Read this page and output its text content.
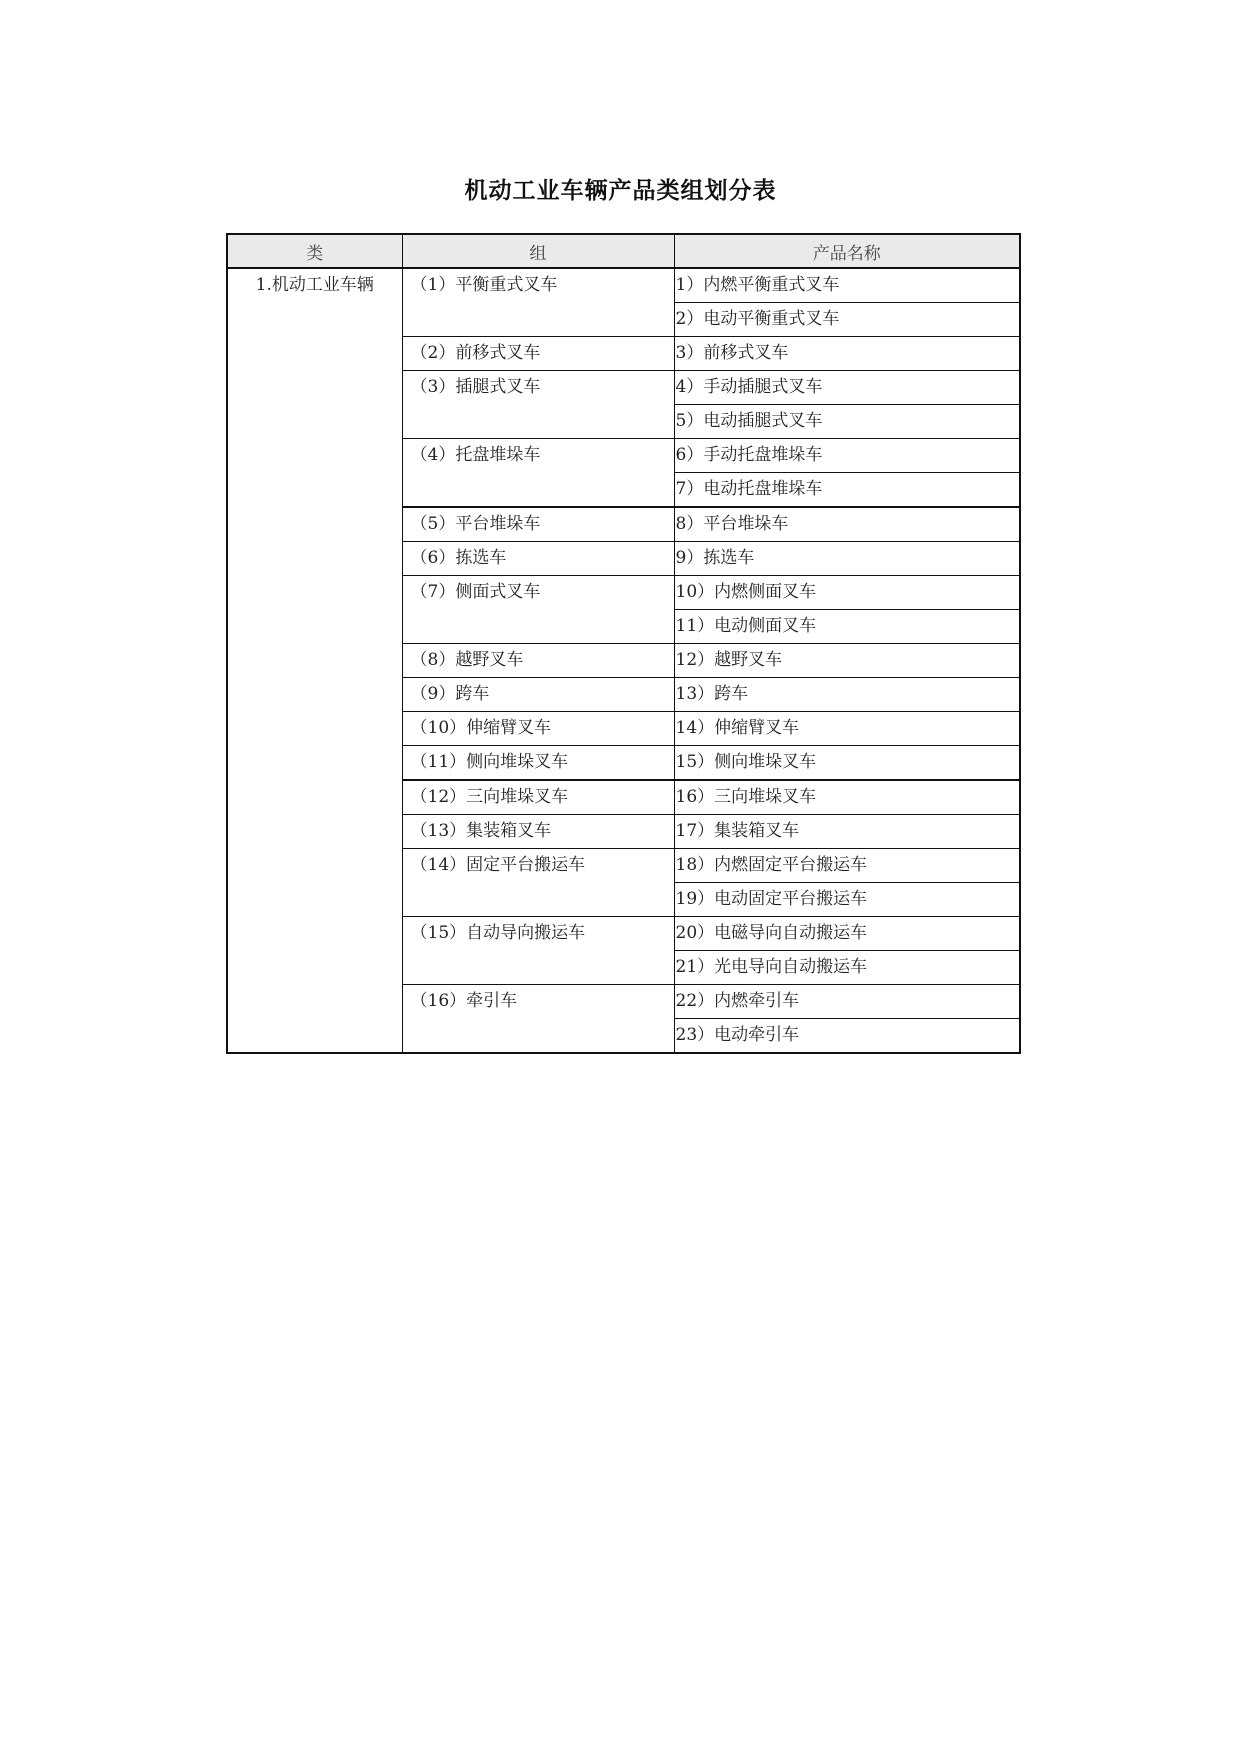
机动工业车辆产品类组划分表
类	组	产品名称
1.机动工业车辆	（1）平衡重式叉车	1）内燃平衡重式叉车
		2）电动平衡重式叉车
	（2）前移式叉车	3）前移式叉车
	（3）插腿式叉车	4）手动插腿式叉车
		5）电动插腿式叉车
	（4）托盘堆垛车	6）手动托盘堆垛车
		7）电动托盘堆垛车
	（5）平台堆垛车	8）平台堆垛车
	（6）拣选车	9）拣选车
	（7）侧面式叉车	10）内燃侧面叉车
		11）电动侧面叉车
	（8）越野叉车	12）越野叉车
	（9）跨车	13）跨车
	（10）伸缩臂叉车	14）伸缩臂叉车
	（11）侧向堆垛叉车	15）侧向堆垛叉车
	（12）三向堆垛叉车	16）三向堆垛叉车
	（13）集装箱叉车	17）集装箱叉车
	（14）固定平台搬运车	18）内燃固定平台搬运车
		19）电动固定平台搬运车
	（15）自动导向搬运车	20）电磁导向自动搬运车
		21）光电导向自动搬运车
	（16）牵引车	22）内燃牵引车
		23）电动牵引车
